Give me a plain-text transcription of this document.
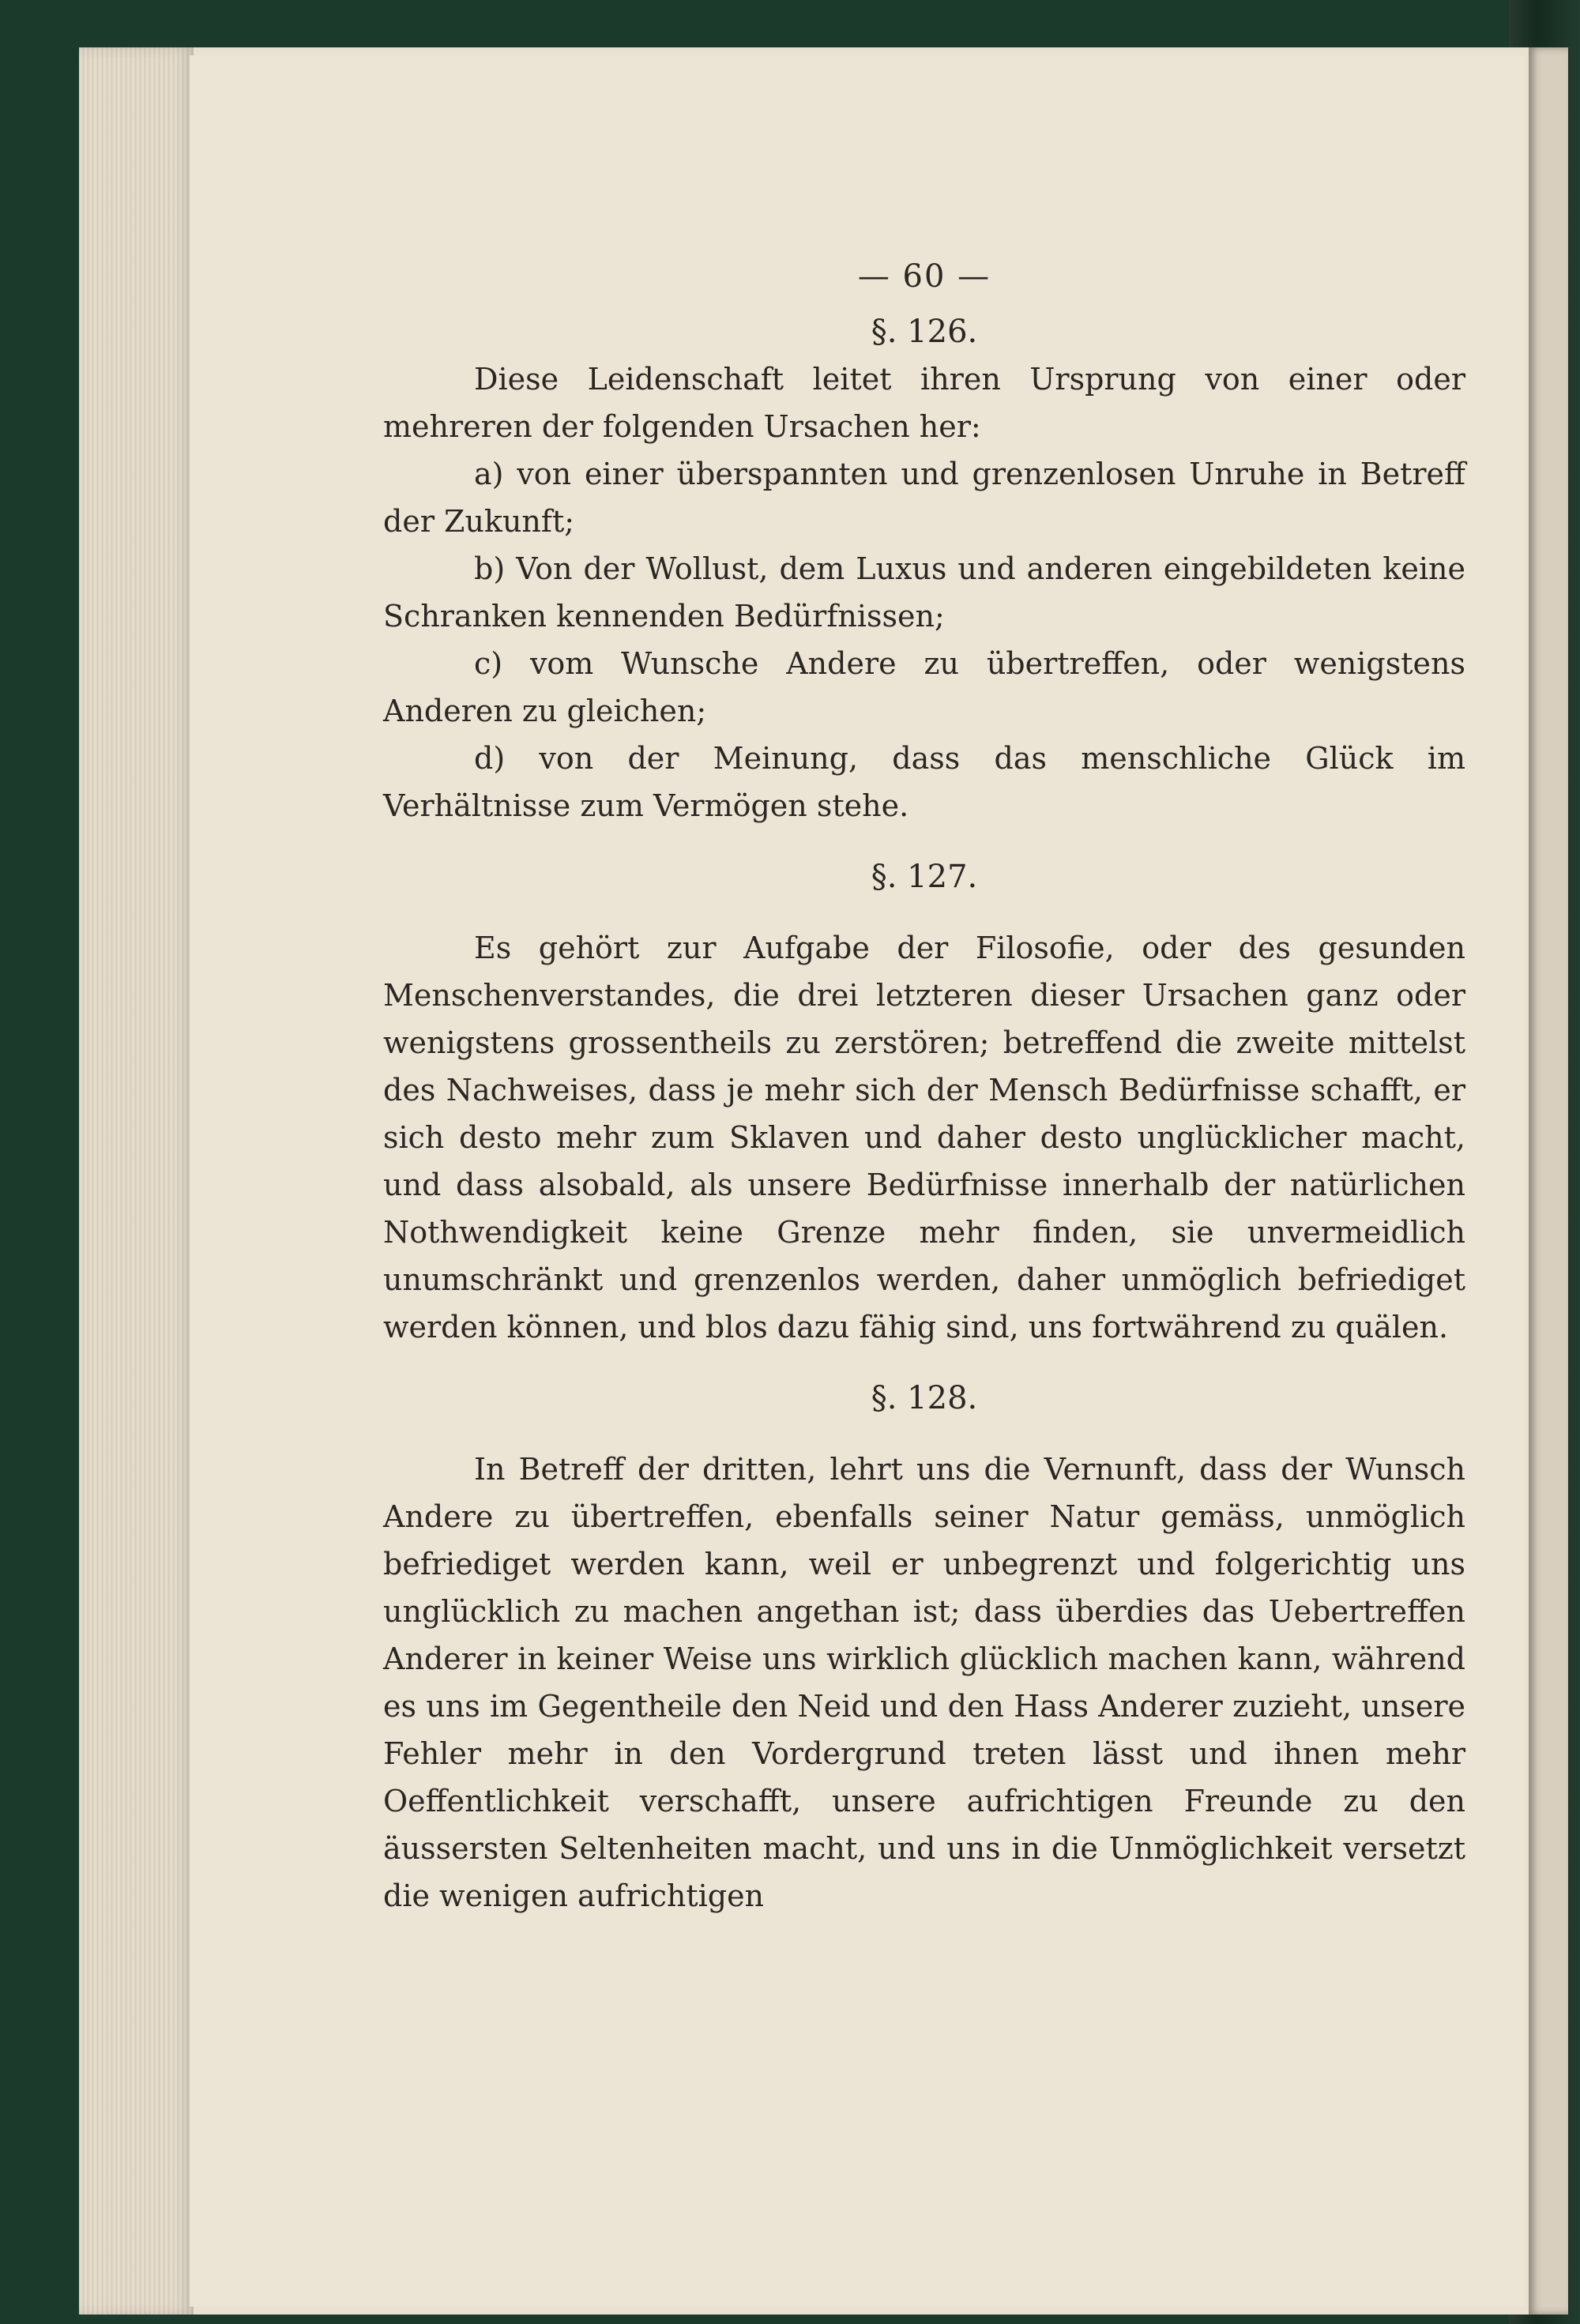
— 60 —
§. 126.

Diese Leidenschaft leitet ihren Ursprung von einer oder mehreren der folgenden Ursachen her:

a) von einer überspannten und grenzenlosen Unruhe in Betreff der Zukunft;

b) Von der Wollust, dem Luxus und anderen eingebildeten keine Schranken kennenden Bedürfnissen;

c) vom Wunsche Andere zu übertreffen, oder wenigstens Anderen zu gleichen;

d) von der Meinung, dass das menschliche Glück im Verhältnisse zum Vermögen stehe.

§. 127.

Es gehört zur Aufgabe der Filosofie, oder des gesunden Menschenverstandes, die drei letzteren dieser Ursachen ganz oder wenigstens grossentheils zu zerstören; betreffend die zweite mittelst des Nachweises, dass je mehr sich der Mensch Bedürfnisse schafft, er sich desto mehr zum Sklaven und daher desto unglücklicher macht, und dass alsobald, als unsere Bedürfnisse innerhalb der natürlichen Nothwendigkeit keine Grenze mehr finden, sie unvermeidlich unumschränkt und grenzenlos werden, daher unmöglich befriediget werden können, und blos dazu fähig sind, uns fortwährend zu quälen.

§. 128.

In Betreff der dritten, lehrt uns die Vernunft, dass der Wunsch Andere zu übertreffen, ebenfalls seiner Natur gemäss, unmöglich befriediget werden kann, weil er unbegrenzt und folgerichtig uns unglücklich zu machen angethan ist; dass überdies das Uebertreffen Anderer in keiner Weise uns wirklich glücklich machen kann, während es uns im Gegentheile den Neid und den Hass Anderer zuzieht, unsere Fehler mehr in den Vordergrund treten lässt und ihnen mehr Oeffentlichkeit verschafft, unsere aufrichtigen Freunde zu den äussersten Seltenheiten macht, und uns in die Unmöglichkeit versetzt die wenigen aufrichtigen
